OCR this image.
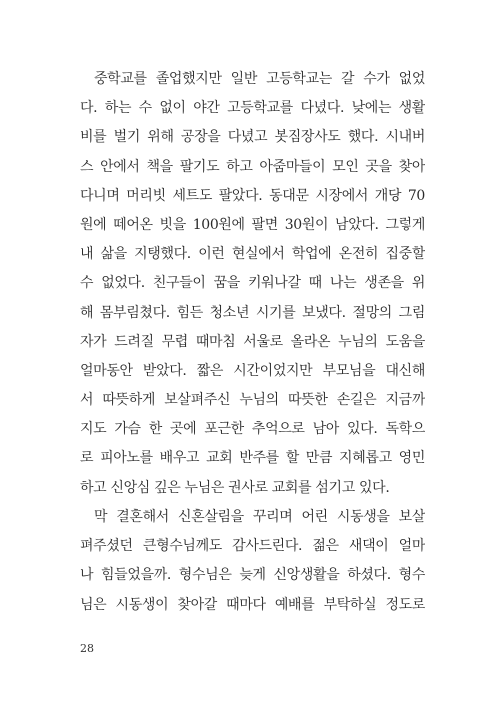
중학교를 졸업했지만 일반 고등학교는 갈 수가 없었
다. 하는 수 없이 야간 고등학교를 다녔다. 낮에는 생활
비를 벌기 위해 공장을 다녔고 봇짐장사도 했다. 시내버
스 안에서 책을 팔기도 하고 아줌마들이 모인 곳을 찾아
다니며 머리빗 세트도 팔았다. 동대문 시장에서 개당 70
원에 떼어온 빗을 100원에 팔면 30원이 남았다. 그렇게
내 삶을 지탱했다. 이런 현실에서 학업에 온전히 집중할
수 없었다. 친구들이 꿈을 키워나갈 때 나는 생존을 위
해 몸부림쳤다. 힘든 청소년 시기를 보냈다. 절망의 그림
자가 드려질 무렵 때마침 서울로 올라온 누님의 도움을
얼마동안 받았다. 짧은 시간이었지만 부모님을 대신해
서 따뜻하게 보살펴주신 누님의 따뜻한 손길은 지금까
지도 가슴 한 곳에 포근한 추억으로 남아 있다. 독학으
로 피아노를 배우고 교회 반주를 할 만큼 지혜롭고 영민
하고 신앙심 깊은 누님은 권사로 교회를 섬기고 있다.
막 결혼해서 신혼살림을 꾸리며 어린 시동생을 보살
펴주셨던 큰형수님께도 감사드린다. 젊은 새댁이 얼마
나 힘들었을까. 형수님은 늦게 신앙생활을 하셨다. 형수
님은 시동생이 찾아갈 때마다 예배를 부탁하실 정도로
28
